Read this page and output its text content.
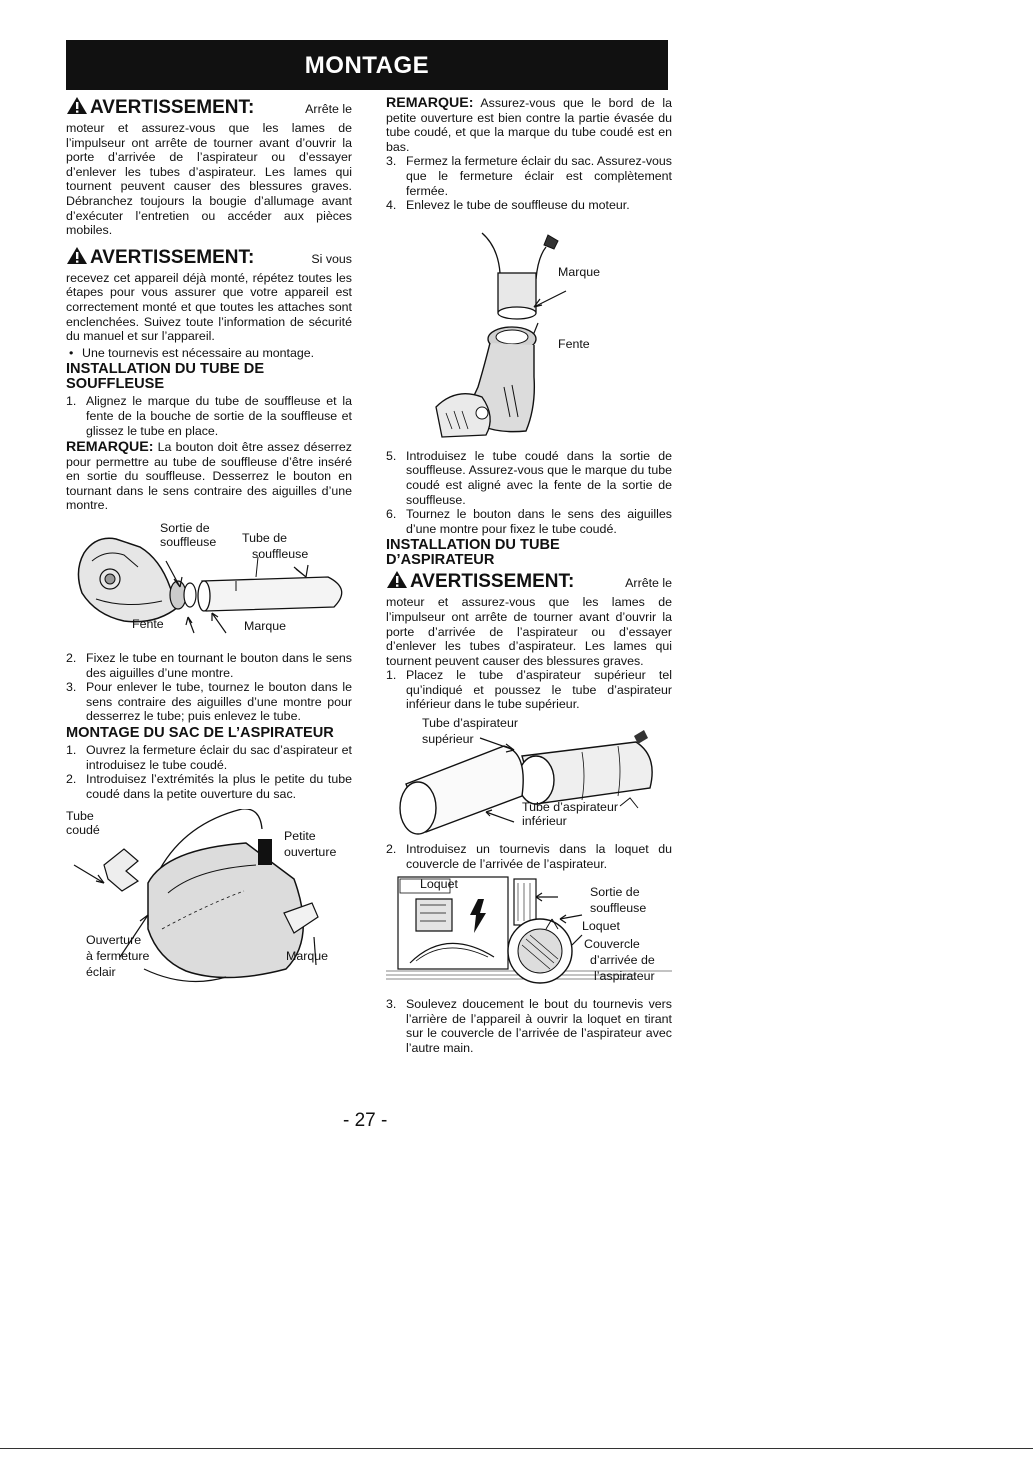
MONTAGE
AVERTISSEMENT:	Arrête le

moteur et assurez-vous que les lames de l’impulseur ont arrête de tourner avant d’ouvrir la porte d’arrivée de l’aspirateur ou d’essayer d’enlever les tubes d’aspirateur. Les lames qui tournent peuvent causer des blessures graves. Débranchez toujours la bougie d’allumage avant d’exécuter l’entretien ou accéder aux pièces mobiles.

AVERTISSEMENT:	Si vous

recevez cet appareil déjà monté, répétez toutes les étapes pour vous assurer que votre appareil est correctement monté et que toutes les attaches sont enclenchées. Suivez toute l’information de sécurité du manuel et sur l’appareil.

• Une tournevis est nécessaire au montage.
INSTALLATION DU TUBE DE SOUFFLEUSE
1. Alignez le marque du tube de souffleuse et la fente de la bouche de sortie de la souffleuse et glissez le tube en place.

REMARQUE: La bouton doit être assez déserrez pour permettre au tube de souffleuse d’être inséré en sortie du souffleuse. Desserrez le bouton en tournant dans le sens contraire des aiguilles d’une montre.

Sortie de
souffleuse Tube de
souffleuse
Fente	Marque
2. Fixez le tube en tournant le bouton dans le sens des aiguilles d’une montre.
3. Pour enlever le tube, tournez le bouton dans le sens contraire des aiguilles d’une montre pour desserrez le tube; puis enlevez le tube.
MONTAGE DU SAC DE L’ASPIRATEUR
1. Ouvrez la fermeture éclair du sac d’aspirateur et introduisez le tube coudé.
2. Introduisez l’extrémités la plus le petite du tube coudé dans la petite ouverture du sac.
Tube
coudé	Petite
ouverture
Ouverture
à fermeture
éclair
Marque

REMARQUE: Assurez-vous que le bord de la petite ouverture est bien contre la partie évasée du tube coudé, et que la marque du tube coudé est en bas.

3. Fermez la fermeture éclair du sac. Assurez-vous que le fermeture éclair est complètement fermée.
4. Enlevez le tube de souffleuse du moteur.
Marque
Fente
5. Introduisez le tube coudé dans la sortie de souffleuse. Assurez-vous que le marque du tube coudé est aligné avec la fente de la sortie de souffleuse.
6. Tournez le bouton dans le sens des aiguilles d’une montre pour fixez le tube coudé.
INSTALLATION DU TUBE D’ASPIRATEUR
AVERTISSEMENT:	Arrête le

moteur et assurez-vous que les lames de l’impulseur ont arrête de tourner avant d’ouvrir la porte d’arrivée de l’aspirateur ou d’essayer d’enlever les tubes d’aspirateur. Les lames qui tournent peuvent causer des blessures graves.

1. Placez le tube d’aspirateur supérieur tel qu’indiqué et poussez le tube d’aspirateur inférieur dans le tube supérieur.
Tube d’aspirateur
supérieur
Tube d’aspirateur
inférieur
2. Introduisez un tournevis dans la loquet du couvercle de l’arrivée de l’aspirateur.
Loquet
Sortie de
souffleuse
Loquet
Couvercle
d’arrivée de
l’aspirateur
3. Soulevez doucement le bout du tournevis vers l’arrière de l’appareil à ouvrir la loquet en tirant sur le couvercle de l’arrivée de l’aspirateur avec l’autre main.
- 27 -
